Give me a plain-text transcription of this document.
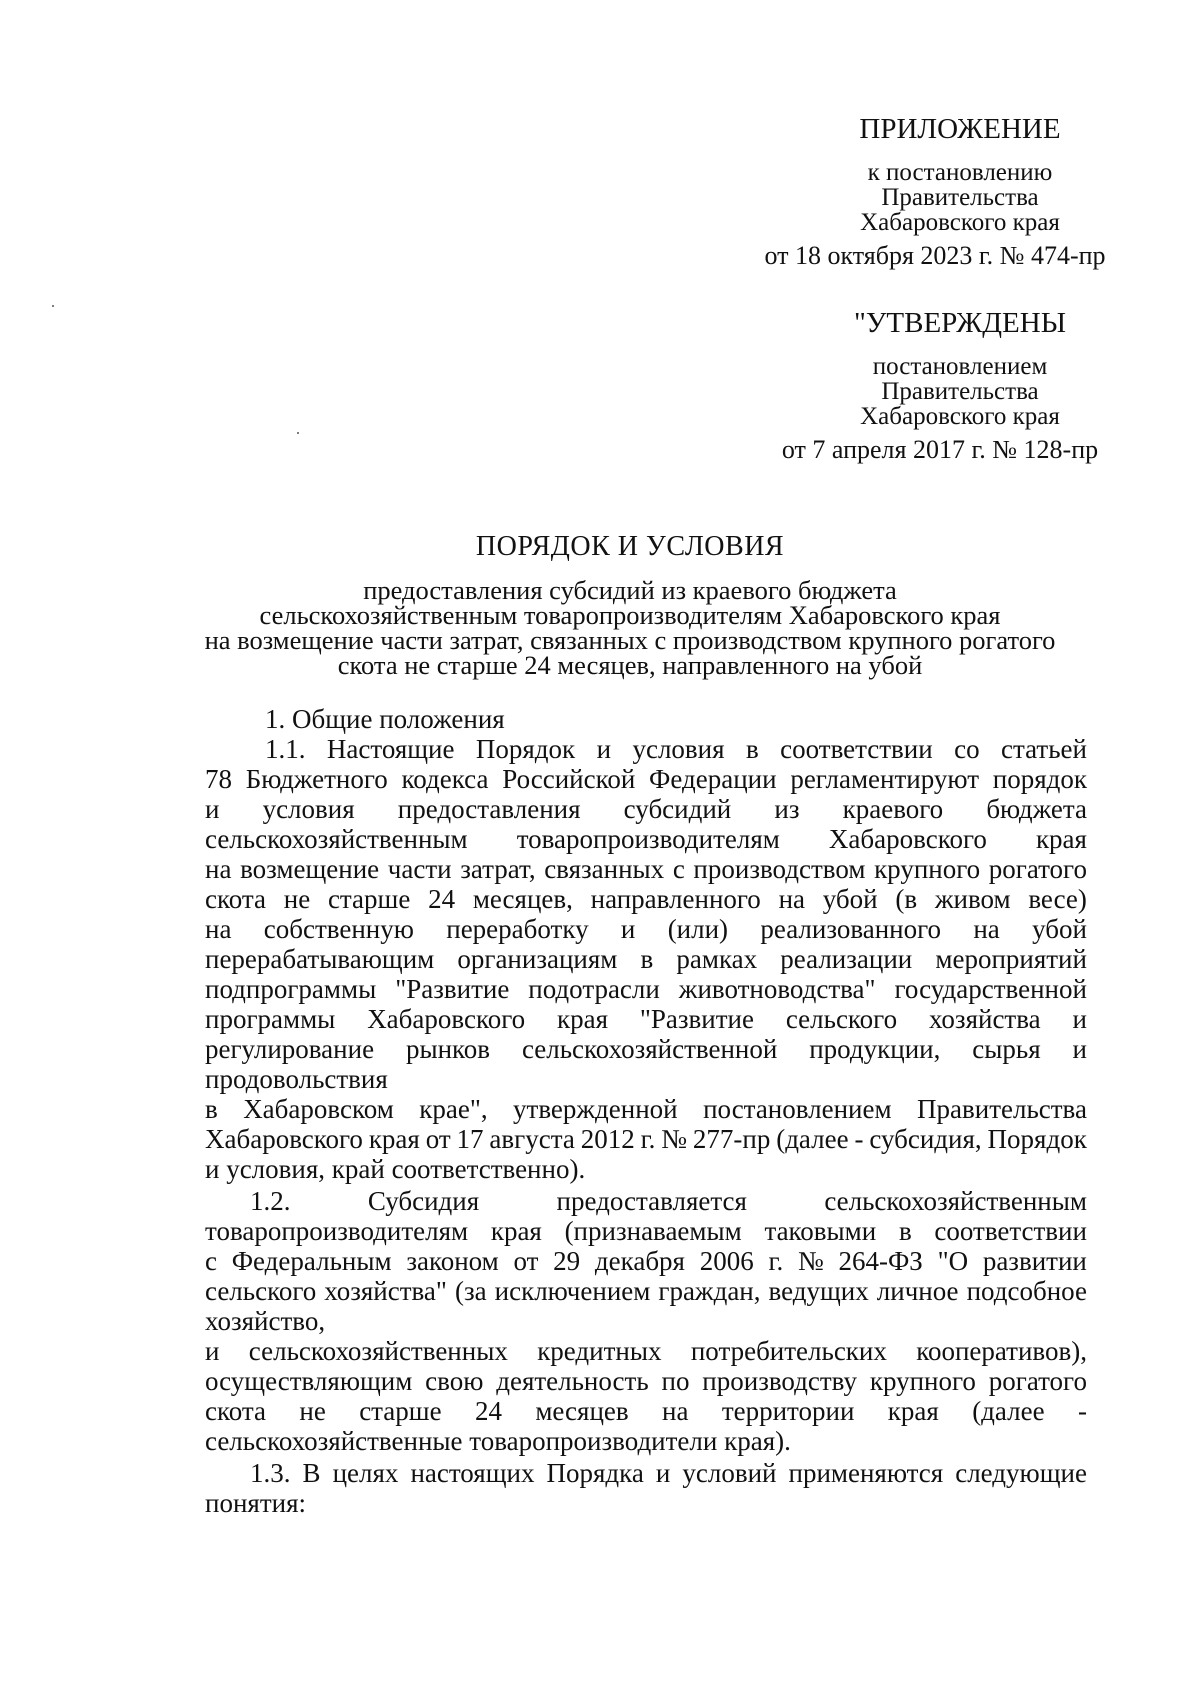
ПРИЛОЖЕНИЕ
к постановлению
Правительства
Хабаровского края
от 18 октября 2023 г. № 474-пр
"УТВЕРЖДЕНЫ
постановлением
Правительства
Хабаровского края
от 7 апреля 2017 г. № 128-пр
ПОРЯДОК И УСЛОВИЯ
предоставления субсидий из краевого бюджета
сельскохозяйственным товаропроизводителям Хабаровского края
на возмещение части затрат, связанных с производством крупного рогатого
скота не старше 24 месяцев, направленного на убой
1. Общие положения
1.1. Настоящие Порядок и условия в соответствии со статьей
78 Бюджетного кодекса Российской Федерации регламентируют порядок
и условия предоставления субсидий из краевого бюджета
сельскохозяйственным товаропроизводителям Хабаровского края
на возмещение части затрат, связанных с производством крупного рогатого
скота не старше 24 месяцев, направленного на убой (в живом весе)
на собственную переработку и (или) реализованного на убой
перерабатывающим организациям в рамках реализации мероприятий
подпрограммы "Развитие подотрасли животноводства" государственной
программы Хабаровского края "Развитие сельского хозяйства и
регулирование рынков сельскохозяйственной продукции, сырья и
продовольствия
в Хабаровском крае", утвержденной постановлением Правительства
Хабаровского края от 17 августа 2012 г. № 277-пр (далее - субсидия, Порядок
и условия, край соответственно).
1.2.	Субсидия	предоставляется	сельскохозяйственным
товаропроизводителям края (признаваемым таковыми в соответствии
с Федеральным законом от 29 декабря 2006 г. № 264-ФЗ "О развитии
сельского хозяйства" (за исключением граждан, ведущих личное подсобное
хозяйство,
и сельскохозяйственных кредитных потребительских кооперативов),
осуществляющим свою деятельность по производству крупного рогатого
скота не старше 24 месяцев на территории края (далее -
сельскохозяйственные товаропроизводители края).
1.3. В целях настоящих Порядка и условий применяются следующие
понятия:
